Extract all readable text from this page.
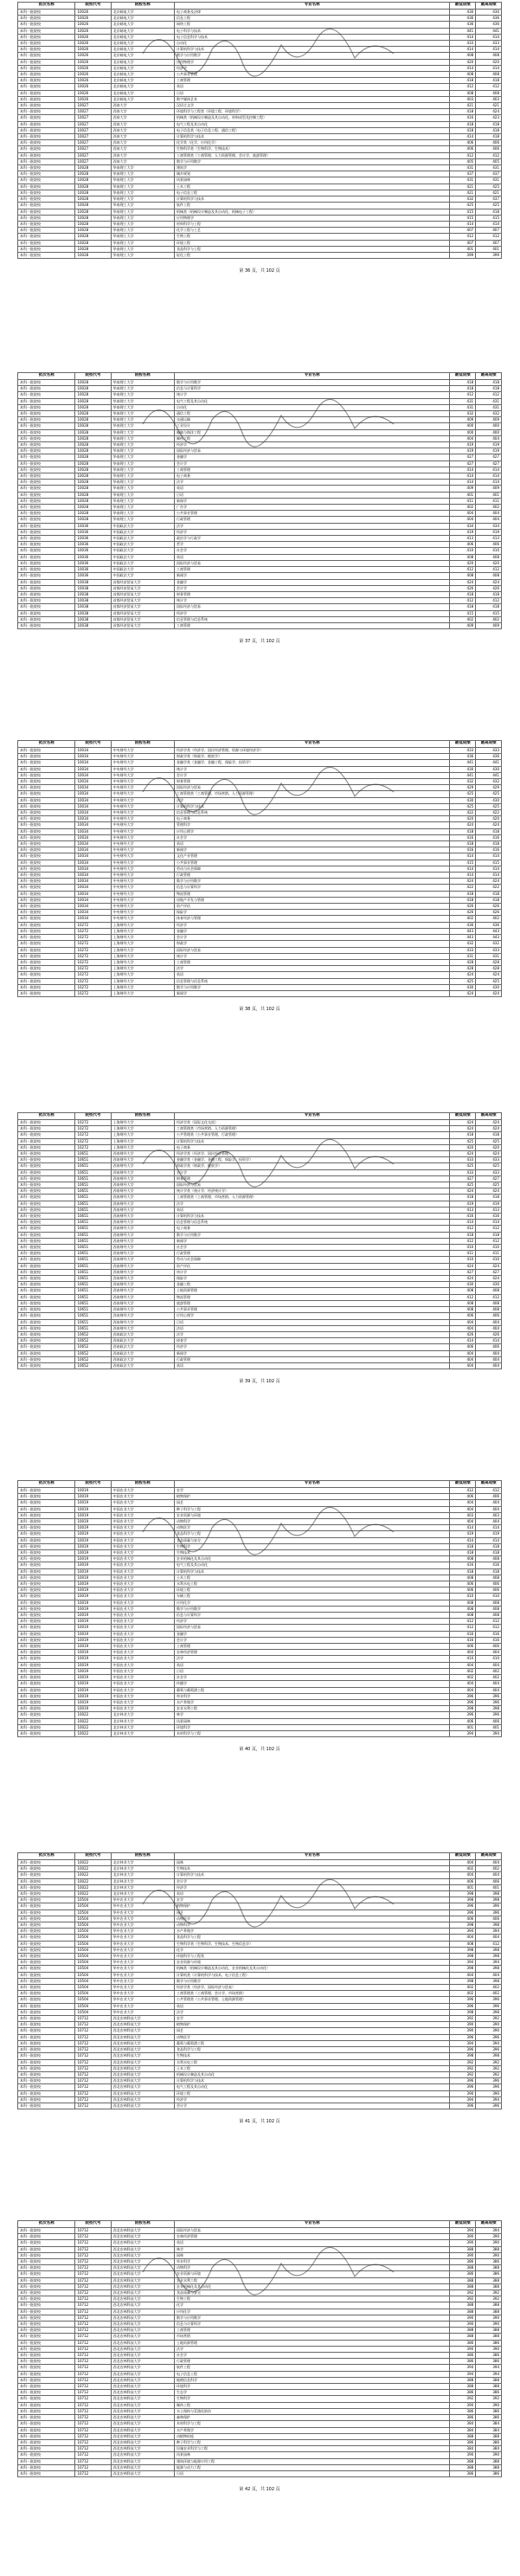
批次名称	院校代号	院校名称	专业名称	最低成绩	最高成绩
本科一批院校	10026	北京邮电大学	电子商务及法律	430	430
本科一批院校	10026	北京邮电大学	信息工程	436	436
本科一批院校	10026	北京邮电大学	网络工程	436	436
本科一批院校	10026	北京邮电大学	电子科学与技术	441	441
本科一批院校	10026	北京邮电大学	电子信息科学与技术	414	414
本科一批院校	10026	北京邮电大学	自动化	433	433
本科一批院校	10026	北京邮电大学	计算机科学与技术	414	414
本科一批院校	10026	北京邮电大学	数学与应用数学	408	408
本科一批院校	10026	北京邮电大学	应用物理学	420	420
本科一批院校	10026	北京邮电大学	经济学	414	414
本科一批院校	10026	北京邮电大学	公共事业管理	408	408
本科一批院校	10026	北京邮电大学	工商管理	418	418
本科一批院校	10026	北京邮电大学	英语	412	412
本科一批院校	10026	北京邮电大学	日语	408	408
本科一批院校	10026	北京邮电大学	数字媒体艺术	403	403
本科一批院校	10027	西南大学	汉语言文学	421	421
本科一批院校	10027	西南大学	环境科学与工程类（环境工程、环境科学）	418	424
本科一批院校	10027	西南大学	机械类（机械设计制造及其自动化、材料成型及控制工程）	416	423
本科一批院校	10027	西南大学	电气工程及其自动化	418	418
本科一批院校	10027	西南大学	电子信息类（电子信息工程、通信工程）	418	418
本科一批院校	10027	西南大学	计算机科学与技术	414	418
本科一批院校	10027	西南大学	化学类（化学、应用化学）	406	406
本科一批院校	10027	西南大学	生物科学类（生物科学、生物技术）	406	406
本科一批院校	10027	西南大学	工商管理类（工商管理、人力资源管理、会计学、旅游管理）	412	412
本科一批院校	10027	西南大学	数学与应用数学	405	405
本科一批院校	10028	华南理工大学	建筑学	431	431
本科一批院校	10028	华南理工大学	城乡规划	437	437
本科一批院校	10028	华南理工大学	风景园林	431	431
本科一批院校	10028	华南理工大学	土木工程	421	425
本科一批院校	10028	华南理工大学	电子信息工程	421	421
本科一批院校	10028	华南理工大学	计算机科学与技术	432	437
本科一批院校	10028	华南理工大学	软件工程	425	425
本科一批院校	10028	华南理工大学	机械类（机械设计制造及其自动化、机械电子工程）	415	418
本科一批院校	10028	华南理工大学	应用物理学	415	415
本科一批院校	10028	华南理工大学	材料科学与工程	414	414
本科一批院校	10028	华南理工大学	化学工程与工艺	407	407
本科一批院校	10028	华南理工大学	生物工程	412	412
本科一批院校	10028	华南理工大学	环境工程	407	407
本科一批院校	10028	华南理工大学	食品科学与工程	401	401
本科一批院校	10028	华南理工大学	轻化工程	399	399
第 36 页，共 102 页
批次名称	院校代号	院校名称	专业名称	最低成绩	最高成绩
本科一批院校	10028	华南理工大学	数学与应用数学	418	418
本科一批院校	10028	华南理工大学	信息与计算科学	418	418
本科一批院校	10028	华南理工大学	统计学	412	412
本科一批院校	10028	华南理工大学	电气工程及其自动化	431	431
本科一批院校	10028	华南理工大学	自动化	431	431
本科一批院校	10028	华南理工大学	通信工程	432	432
本科一批院校	10028	华南理工大学	交通运输	409	409
本科一批院校	10028	华南理工大学	工业设计	400	400
本科一批院校	10028	华南理工大学	船舶与海洋工程	400	400
本科一批院校	10028	华南理工大学	制药工程	404	404
本科一批院校	10028	华南理工大学	经济学	419	419
本科一批院校	10028	华南理工大学	国际经济与贸易	419	419
本科一批院校	10028	华南理工大学	金融学	427	427
本科一批院校	10028	华南理工大学	会计学	427	427
本科一批院校	10028	华南理工大学	工商管理	414	414
本科一批院校	10028	华南理工大学	电子商务	414	414
本科一批院校	10028	华南理工大学	法学	414	414
本科一批院校	10028	华南理工大学	英语	409	409
本科一批院校	10028	华南理工大学	日语	401	401
本科一批院校	10028	华南理工大学	新闻学	411	411
本科一批院校	10028	华南理工大学	广告学	402	402
本科一批院校	10028	华南理工大学	公共事业管理	404	404
本科一批院校	10028	华南理工大学	行政管理	404	404
本科一批院校	10036	中国政法大学	法学	434	434
本科一批院校	10036	中国政法大学	经济学	419	419
本科一批院校	10036	中国政法大学	政治学与行政学	413	413
本科一批院校	10036	中国政法大学	哲学	406	406
本科一批院校	10036	中国政法大学	社会学	410	410
本科一批院校	10036	中国政法大学	英语	408	408
本科一批院校	10036	中国政法大学	国际经济与贸易	420	420
本科一批院校	10036	中国政法大学	工商管理	412	412
本科一批院校	10036	中国政法大学	新闻学	408	408
本科一批院校	10038	首都经济贸易大学	金融学	424	424
本科一批院校	10038	首都经济贸易大学	会计学	426	426
本科一批院校	10038	首都经济贸易大学	财务管理	418	418
本科一批院校	10038	首都经济贸易大学	统计学	412	412
本科一批院校	10038	首都经济贸易大学	国际经济与贸易	418	418
本科一批院校	10038	首都经济贸易大学	经济学	415	415
本科一批院校	10038	首都经济贸易大学	信息管理与信息系统	402	402
本科一批院校	10038	首都经济贸易大学	工商管理	409	409
第 37 页，共 102 页
批次名称	院校代号	院校名称	专业名称	最低成绩	最高成绩
本科一批院校	10034	中央财经大学	经济学类（经济学、国民经济管理、资源与环境经济学）	433	433
本科一批院校	10034	中央财经大学	财政学类（财政学、税收学）	436	436
本科一批院校	10034	中央财经大学	金融学类（金融学、金融工程、保险学、投资学）	441	441
本科一批院校	10034	中央财经大学	统计学	430	430
本科一批院校	10034	中央财经大学	会计学	441	441
本科一批院校	10034	中央财经大学	财务管理	432	432
本科一批院校	10034	中央财经大学	国际经济与贸易	429	429
本科一批院校	10034	中央财经大学	工商管理类（工商管理、市场营销、人力资源管理）	425	425
本科一批院校	10034	中央财经大学	法学	430	430
本科一批院校	10034	中央财经大学	计算机科学与技术	425	425
本科一批院校	10034	中央财经大学	信息管理与信息系统	422	422
本科一批院校	10034	中央财经大学	电子商务	420	420
本科一批院校	10034	中央财经大学	管理科学	424	424
本科一批院校	10034	中央财经大学	应用心理学	418	418
本科一批院校	10034	中央财经大学	社会学	416	416
本科一批院校	10034	中央财经大学	英语	418	418
本科一批院校	10034	中央财经大学	新闻学	416	416
本科一批院校	10034	中央财经大学	文化产业管理	414	414
本科一批院校	10034	中央财经大学	公共事业管理	415	415
本科一批院校	10034	中央财经大学	劳动与社会保障	414	414
本科一批院校	10034	中央财经大学	行政管理	414	414
本科一批院校	10034	中央财经大学	数学与应用数学	424	424
本科一批院校	10034	中央财经大学	信息与计算科学	422	422
本科一批院校	10034	中央财经大学	物流管理	418	418
本科一批院校	10034	中央财经大学	房地产开发与管理	418	418
本科一批院校	10034	中央财经大学	资产评估	426	426
本科一批院校	10034	中央财经大学	保险学	426	426
本科一批院校	10034	中央财经大学	体育经济与管理	402	402
本科一批院校	10272	上海财经大学	经济学	436	436
本科一批院校	10272	上海财经大学	金融学	443	443
本科一批院校	10272	上海财经大学	会计学	443	443
本科一批院校	10272	上海财经大学	财政学	432	432
本科一批院校	10272	上海财经大学	国际经济与贸易	433	433
本科一批院校	10272	上海财经大学	统计学	431	431
本科一批院校	10272	上海财经大学	工商管理	428	428
本科一批院校	10272	上海财经大学	法学	428	428
本科一批院校	10272	上海财经大学	英语	424	424
本科一批院校	10272	上海财经大学	信息管理与信息系统	425	425
本科一批院校	10272	上海财经大学	数学与应用数学	430	430
本科一批院校	10272	上海财经大学	新闻学	424	424
第 38 页，共 102 页
批次名称	院校代号	院校名称	专业名称	最低成绩	最高成绩
本科一批院校	10272	上海财经大学	经济学类（国际文化交流）	424	424
本科一批院校	10272	上海财经大学	工商管理类（市场营销、人力资源管理）	424	424
本科一批院校	10272	上海财经大学	公共管理类（公共事业管理、行政管理）	418	418
本科一批院校	10272	上海财经大学	计算机科学与技术	425	425
本科一批院校	10272	上海财经大学	电子商务	420	420
本科一批院校	10651	西南财经大学	经济学类（经济学、国民经济管理）	424	424
本科一批院校	10651	西南财经大学	金融学类（金融学、金融工程、保险学、投资学）	433	433
本科一批院校	10651	西南财经大学	财政学类（财政学、税收学）	425	425
本科一批院校	10651	西南财经大学	会计学	433	433
本科一批院校	10651	西南财经大学	财务管理	427	427
本科一批院校	10651	西南财经大学	国际经济与贸易	425	425
本科一批院校	10651	西南财经大学	统计学类（统计学、经济统计学）	424	424
本科一批院校	10651	西南财经大学	工商管理类（工商管理、市场营销、人力资源管理）	418	418
本科一批院校	10651	西南财经大学	法学	419	419
本科一批院校	10651	西南财经大学	英语	413	413
本科一批院校	10651	西南财经大学	计算机科学与技术	416	416
本科一批院校	10651	西南财经大学	信息管理与信息系统	414	414
本科一批院校	10651	西南财经大学	电子商务	412	412
本科一批院校	10651	西南财经大学	数学与应用数学	418	418
本科一批院校	10651	西南财经大学	新闻学	412	412
本科一批院校	10651	西南财经大学	社会学	410	410
本科一批院校	10651	西南财经大学	行政管理	411	411
本科一批院校	10651	西南财经大学	劳动与社会保障	410	410
本科一批院校	10651	西南财经大学	资产评估	424	424
本科一批院校	10651	西南财经大学	审计学	427	427
本科一批院校	10651	西南财经大学	保险学	424	424
本科一批院校	10651	西南财经大学	金融工程	430	430
本科一批院校	10651	西南财经大学	土地资源管理	408	408
本科一批院校	10651	西南财经大学	物流管理	412	412
本科一批院校	10651	西南财经大学	旅游管理	408	408
本科一批院校	10651	西南财经大学	公共事业管理	408	408
本科一批院校	10651	西南财经大学	应用心理学	406	406
本科一批院校	10651	西南财经大学	日语	404	404
本科一批院校	10651	西南财经大学	法语	404	404
本科一批院校	10652	西南政法大学	法学	426	426
本科一批院校	10652	西南政法大学	侦查学	414	414
本科一批院校	10652	西南政法大学	经济学	406	406
本科一批院校	10652	西南政法大学	新闻学	404	404
本科一批院校	10652	西南政法大学	行政管理	404	404
本科一批院校	10652	西南政法大学	英语	404	404
第 39 页，共 102 页
批次名称	院校代号	院校名称	专业名称	最低成绩	最高成绩
本科一批院校	10019	中国农业大学	农学	412	412
本科一批院校	10019	中国农业大学	植物保护	406	406
本科一批院校	10019	中国农业大学	园艺	404	404
本科一批院校	10019	中国农业大学	种子科学与工程	404	404
本科一批院校	10019	中国农业大学	农业资源与环境	403	403
本科一批院校	10019	中国农业大学	动物科学	404	404
本科一批院校	10019	中国农业大学	动物医学	414	414
本科一批院校	10019	中国农业大学	食品科学与工程	419	419
本科一批院校	10019	中国农业大学	食品质量与安全	414	414
本科一批院校	10019	中国农业大学	生物科学	418	418
本科一批院校	10019	中国农业大学	生物技术	418	418
本科一批院校	10019	中国农业大学	农业机械化及其自动化	408	408
本科一批院校	10019	中国农业大学	电气工程及其自动化	416	416
本科一批院校	10019	中国农业大学	计算机科学与技术	418	418
本科一批院校	10019	中国农业大学	土木工程	408	408
本科一批院校	10019	中国农业大学	水利水电工程	406	406
本科一批院校	10019	中国农业大学	环境工程	406	406
本科一批院校	10019	中国农业大学	车辆工程	410	410
本科一批院校	10019	中国农业大学	应用化学	408	408
本科一批院校	10019	中国农业大学	数学与应用数学	408	408
本科一批院校	10019	中国农业大学	信息与计算科学	408	408
本科一批院校	10019	中国农业大学	经济学	412	412
本科一批院校	10019	中国农业大学	国际经济与贸易	412	412
本科一批院校	10019	中国农业大学	金融学	416	416
本科一批院校	10019	中国农业大学	会计学	416	416
本科一批院校	10019	中国农业大学	工商管理	406	406
本科一批院校	10019	中国农业大学	农林经济管理	404	404
本科一批院校	10019	中国农业大学	法学	410	410
本科一批院校	10019	中国农业大学	英语	404	404
本科一批院校	10019	中国农业大学	日语	402	402
本科一批院校	10019	中国农业大学	社会学	402	402
本科一批院校	10019	中国农业大学	传播学	404	404
本科一批院校	10019	中国农业大学	葡萄与葡萄酒工程	404	404
本科一批院校	10019	中国农业大学	草业科学	396	396
本科一批院校	10019	中国农业大学	水产养殖学	396	396
本科一批院校	10019	中国农业大学	农业水利工程	398	398
本科一批院校	10022	北京林业大学	林学	396	396
本科一批院校	10022	北京林业大学	风景园林	406	406
本科一批院校	10022	北京林业大学	环境科学	401	401
本科一批院校	10022	北京林业大学	木材科学与工程	394	394
第 40 页，共 102 页
批次名称	院校代号	院校名称	专业名称	最低成绩	最高成绩
本科一批院校	10022	北京林业大学	园林	404	404
本科一批院校	10022	北京林业大学	生物技术	402	402
本科一批院校	10022	北京林业大学	计算机科学与技术	404	404
本科一批院校	10022	北京林业大学	会计学	406	406
本科一批院校	10022	北京林业大学	经济学	401	401
本科一批院校	10022	北京林业大学	英语	398	398
本科一批院校	10504	华中农业大学	农学	398	398
本科一批院校	10504	华中农业大学	植物保护	396	396
本科一批院校	10504	华中农业大学	园艺	396	396
本科一批院校	10504	华中农业大学	动物医学	406	406
本科一批院校	10504	华中农业大学	动物科学	398	398
本科一批院校	10504	华中农业大学	水产养殖学	394	394
本科一批院校	10504	华中农业大学	食品科学与工程	404	404
本科一批院校	10504	华中农业大学	生物科学类（生物科学、生物技术、生物信息学）	408	412
本科一批院校	10504	华中农业大学	化学	398	398
本科一批院校	10504	华中农业大学	环境科学与工程类	398	398
本科一批院校	10504	华中农业大学	农业资源与环境	394	394
本科一批院校	10504	华中农业大学	机械类（机械设计制造及其自动化、农业机械化及其自动化）	398	398
本科一批院校	10504	华中农业大学	计算机类（计算机科学与技术、电子信息工程）	404	404
本科一批院校	10504	华中农业大学	数学与应用数学	398	398
本科一批院校	10504	华中农业大学	经济学类（经济学、国际经济与贸易）	402	402
本科一批院校	10504	华中农业大学	工商管理类（工商管理、会计学、市场营销）	402	402
本科一批院校	10504	华中农业大学	公共管理类（公共事业管理、土地资源管理）	396	396
本科一批院校	10504	华中农业大学	英语	396	396
本科一批院校	10504	华中农业大学	法学	398	398
本科一批院校	10712	西北农林科技大学	农学	392	392
本科一批院校	10712	西北农林科技大学	植物保护	390	390
本科一批院校	10712	西北农林科技大学	园艺	390	390
本科一批院校	10712	西北农林科技大学	动物医学	396	396
本科一批院校	10712	西北农林科技大学	葡萄与葡萄酒工程	394	394
本科一批院校	10712	西北农林科技大学	食品科学与工程	396	396
本科一批院校	10712	西北农林科技大学	生物技术	398	398
本科一批院校	10712	西北农林科技大学	水利水电工程	392	392
本科一批院校	10712	西北农林科技大学	土木工程	392	392
本科一批院校	10712	西北农林科技大学	机械设计制造及其自动化	392	392
本科一批院校	10712	西北农林科技大学	计算机科学与技术	396	396
本科一批院校	10712	西北农林科技大学	电气工程及其自动化	396	396
本科一批院校	10712	西北农林科技大学	环境工程	390	390
本科一批院校	10712	西北农林科技大学	经济学	394	394
本科一批院校	10712	西北农林科技大学	会计学	396	396
第 41 页，共 102 页
批次名称	院校代号	院校名称	专业名称	最低成绩	最高成绩
本科一批院校	10712	西北农林科技大学	国际经济与贸易	394	394
本科一批院校	10712	西北农林科技大学	农林经济管理	390	390
本科一批院校	10712	西北农林科技大学	英语	390	390
本科一批院校	10712	西北农林科技大学	林学	388	388
本科一批院校	10712	西北农林科技大学	园林	390	390
本科一批院校	10712	西北农林科技大学	草业科学	386	386
本科一批院校	10712	西北农林科技大学	动物科学	388	388
本科一批院校	10712	西北农林科技大学	农业资源与环境	386	386
本科一批院校	10712	西北农林科技大学	农业水利工程	388	388
本科一批院校	10712	西北农林科技大学	农业机械化及其自动化	388	388
本科一批院校	10712	西北农林科技大学	食品质量与安全	392	392
本科一批院校	10712	西北农林科技大学	生物工程	392	392
本科一批院校	10712	西北农林科技大学	化学	388	388
本科一批院校	10712	西北农林科技大学	应用化学	388	388
本科一批院校	10712	西北农林科技大学	数学与应用数学	390	390
本科一批院校	10712	西北农林科技大学	信息与计算科学	390	390
本科一批院校	10712	西北农林科技大学	工商管理	388	388
本科一批院校	10712	西北农林科技大学	市场营销	388	388
本科一批院校	10712	西北农林科技大学	土地资源管理	386	386
本科一批院校	10712	西北农林科技大学	法学	390	390
本科一批院校	10712	西北农林科技大学	社会学	386	386
本科一批院校	10712	西北农林科技大学	行政管理	386	386
本科一批院校	10712	西北农林科技大学	软件工程	394	394
本科一批院校	10712	西北农林科技大学	电子信息工程	394	394
本科一批院校	10712	西北农林科技大学	地理信息科学	388	388
本科一批院校	10712	西北农林科技大学	环境科学	388	388
本科一批院校	10712	西北农林科技大学	生态学	386	386
本科一批院校	10712	西北农林科技大学	生物科学	392	392
本科一批院校	10712	西北农林科技大学	制药工程	390	390
本科一批院校	10712	西北农林科技大学	水土保持与荒漠化防治	386	386
本科一批院校	10712	西北农林科技大学	森林保护	386	386
本科一批院校	10712	西北农林科技大学	木材科学与工程	384	384
本科一批院校	10712	西北农林科技大学	水产养殖学	384	384
本科一批院校	10712	西北农林科技大学	动植物检疫	388	388
本科一批院校	10712	西北农林科技大学	种子科学与工程	386	386
本科一批院校	10712	西北农林科技大学	设施农业科学与工程	384	384
本科一批院校	10712	西北农林科技大学	风景园林	390	390
本科一批院校	10712	西北农林科技大学	建筑环境与能源应用工程	388	388
本科一批院校	10712	西北农林科技大学	能源与动力工程	388	388
本科一批院校	10712	西北农林科技大学	日语	386	386
第 42 页，共 102 页
